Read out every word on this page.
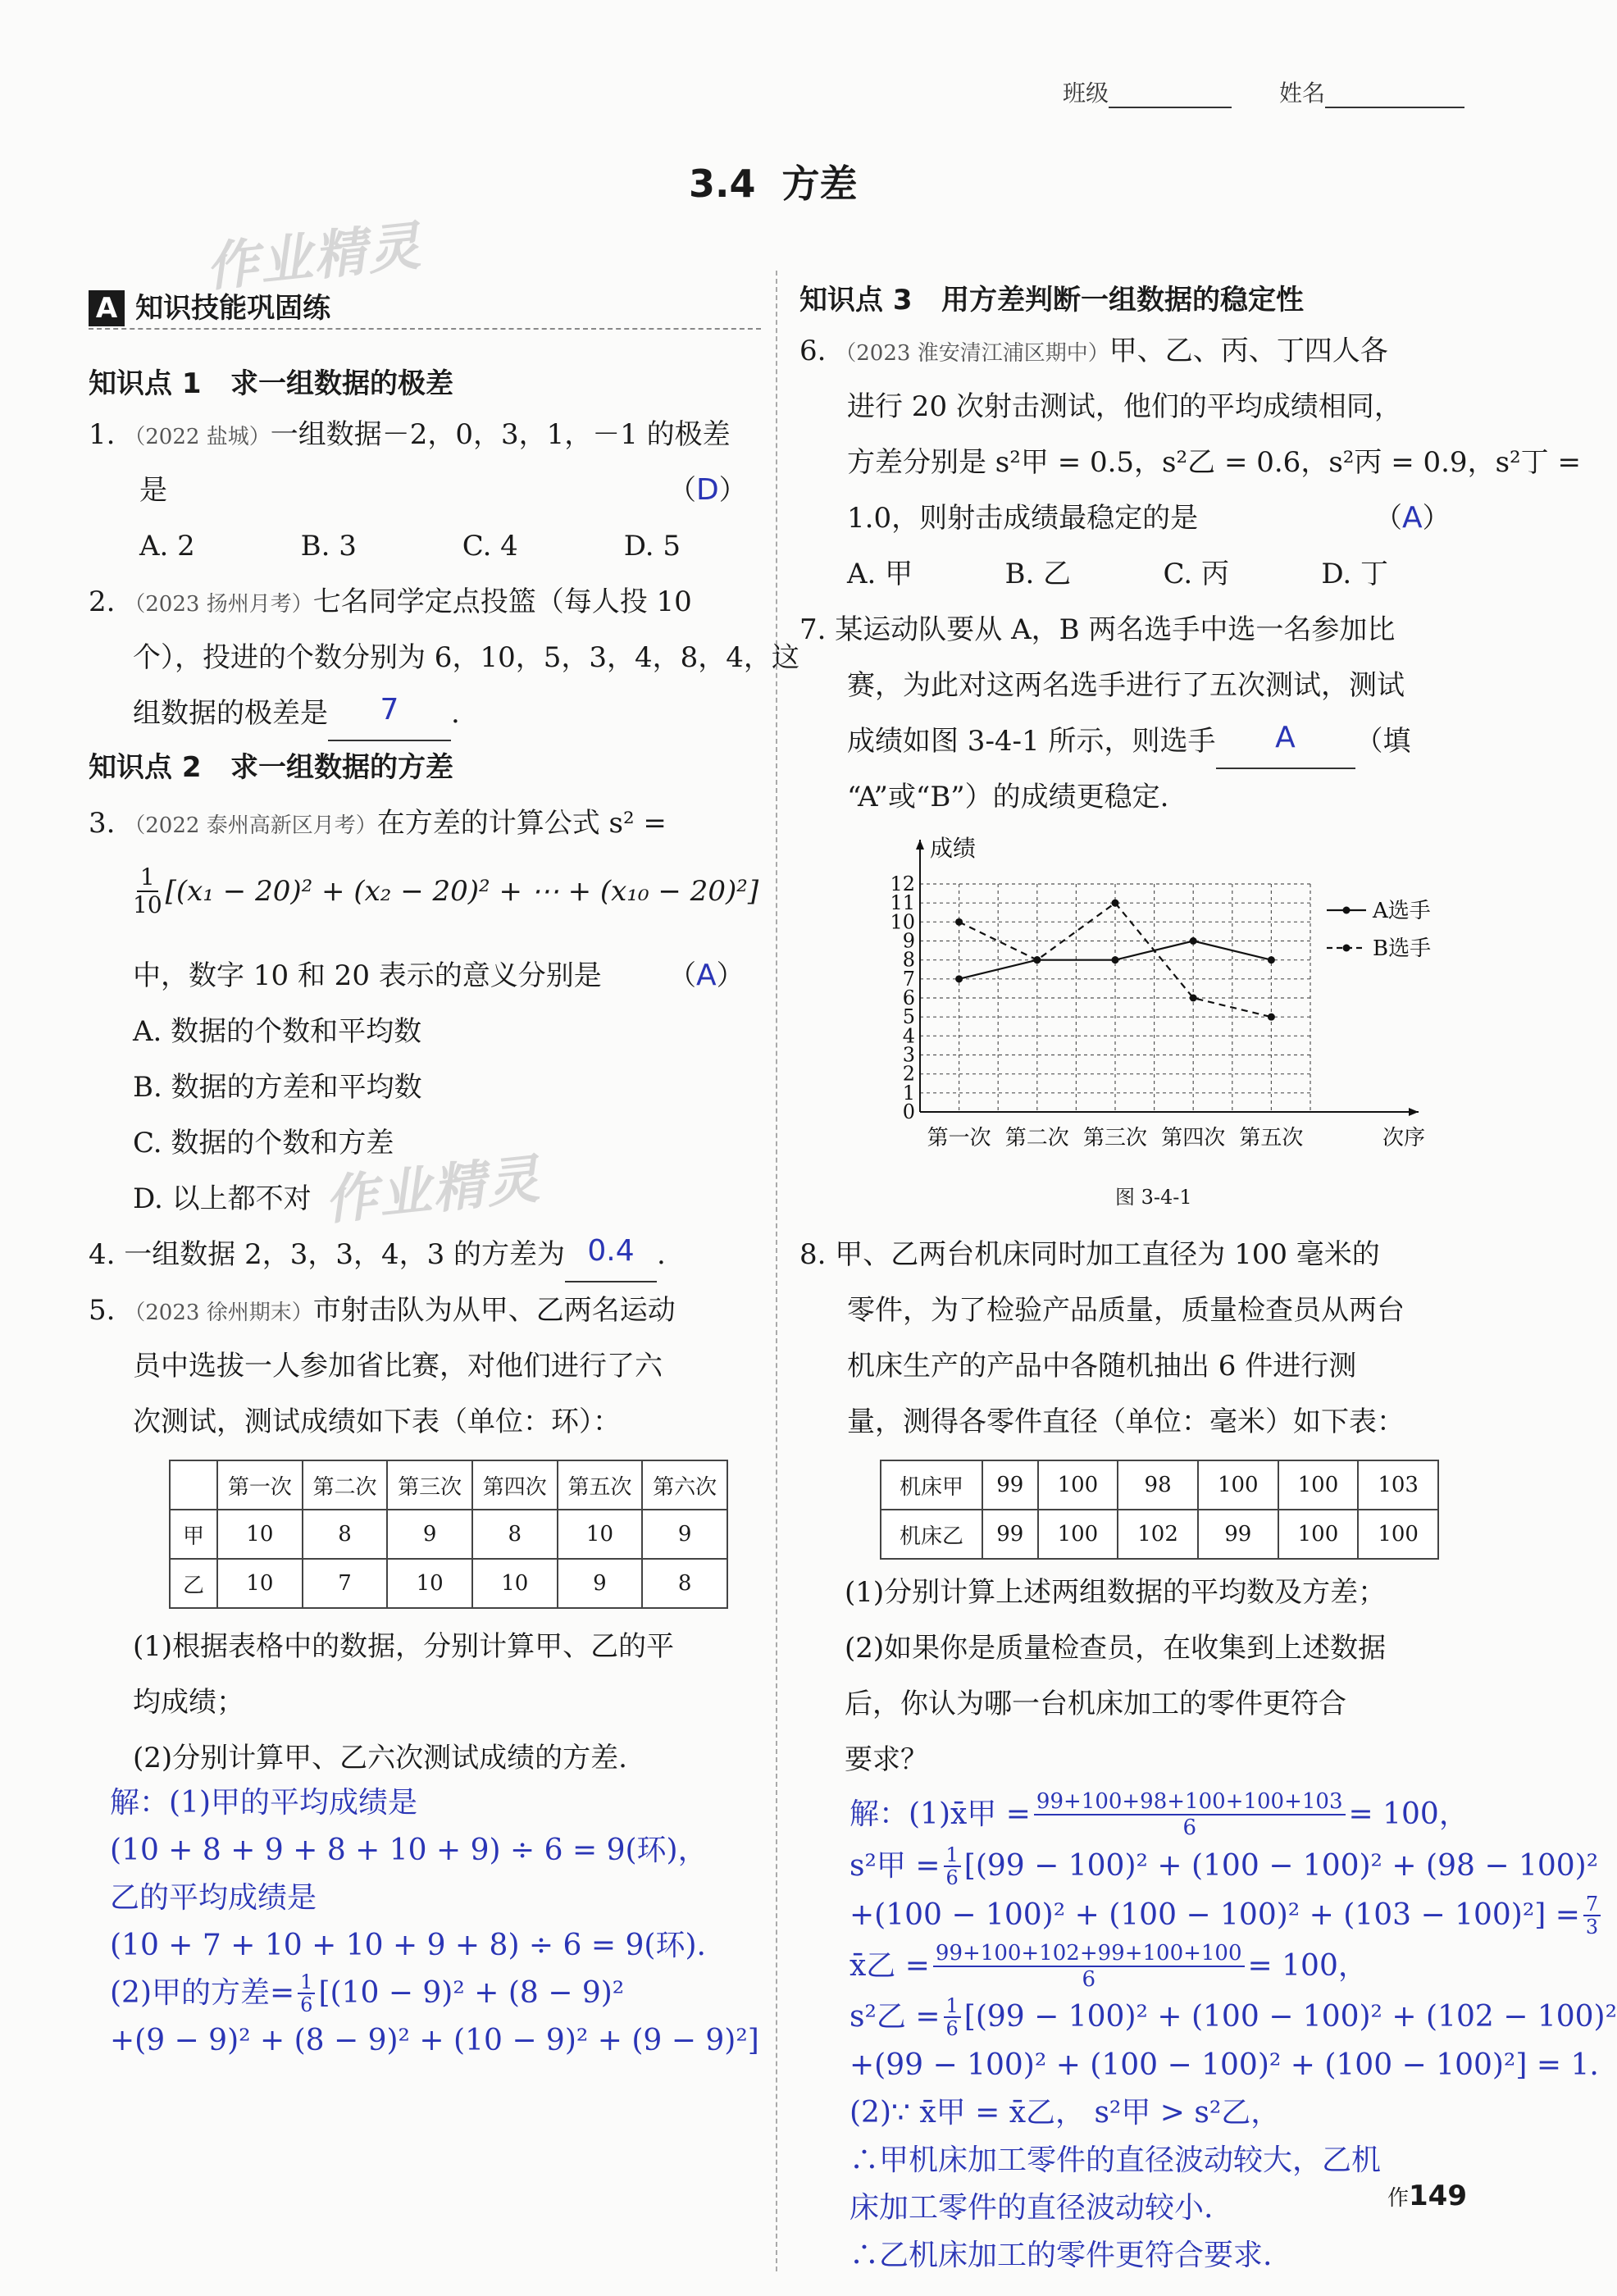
班级	姓名
3.4  方差
作业精灵
作业精灵
A 知识技能巩固练
知识点 1   求一组数据的极差
1. （2022 盐城）一组数据－2，0，3，1，－1 的极差
是	（D）
A. 2	B. 3	C. 4	D. 5
2. （2023 扬州月考）七名同学定点投篮（每人投 10
个），投进的个数分别为 6，10，5，3，4，8，4，这
组数据的极差是 7 .
知识点 2   求一组数据的方差
3. （2022 泰州高新区月考）在方差的计算公式 s² =
$\frac{1}{10} [(x_1 - 20)^2 + (x_2 - 20)^2$ + ⋯ + (x₁₀ − 20)²]
中，数字 10 和 20 表示的意义分别是 （A）
A. 数据的个数和平均数
B. 数据的方差和平均数
C. 数据的个数和方差
D. 以上都不对
4. 一组数据 2，3，3，4，3 的方差为 0.4 .
5. （2023 徐州期末）市射击队为从甲、乙两名运动
员中选拔一人参加省比赛，对他们进行了六
次测试，测试成绩如下表（单位：环）：
	第一次	第二次	第三次	第四次	第五次	第六次
甲	10	8	9	8	10	9
乙	10	7	10	10	9	8
(1)根据表格中的数据，分别计算甲、乙的平
均成绩；
(2)分别计算甲、乙六次测试成绩的方差.
解：(1)甲的平均成绩是
(10 + 8 + 9 + 8 + 10 + 9) ÷ 6 = 9(环)，
乙的平均成绩是
(10 + 7 + 10 + 10 + 9 + 8) ÷ 6 = 9(环).
(2)甲的方差= $\frac{1}{6} [(10 - 9)^2 + (8 - 9)^2$
+(9 − 9)² + (8 − 9)² + (10 − 9)² + (9 − 9)²]
知识点 3   用方差判断一组数据的稳定性
6. （2023 淮安清江浦区期中）甲、乙、丙、丁四人各
进行 20 次射击测试，他们的平均成绩相同，
方差分别是 s²甲 = 0.5，s²乙 = 0.6，s²丙 = 0.9，s²丁 =
1.0，则射击成绩最稳定的是	（A）
A. 甲	B. 乙	C. 丙	D. 丁
7. 某运动队要从 A，B 两名选手中选一名参加比
赛，为此对这两名选手进行了五次测试，测试
成绩如图 3-4-1 所示，则选手 A （填
“A”或“B”）的成绩更稳定.
0
1
2
3
4
5
6
7
8
9
10
11
12
成绩
次序
第一次 第二次 第三次 第四次 第五次
A选手
B选手
图 3-4-1
8. 甲、乙两台机床同时加工直径为 100 毫米的
零件，为了检验产品质量，质量检查员从两台
机床生产的产品中各随机抽出 6 件进行测
量，测得各零件直径（单位：毫米）如下表：
机床甲	99	100	98	100	100	103
机床乙	99	100	102	99	100	100
(1)分别计算上述两组数据的平均数及方差；
(2)如果你是质量检查员，在收集到上述数据
后，你认为哪一台机床加工的零件更符合
要求？
解：(1)x̄甲 = $\frac{99+100+98+100+100+103}{6} = 100$，
s²甲 = $\frac{1}{6} [(99 - 100)^2 + (100 - 100)^2 + (98 - 100)^2$
$+(100 - 100)^2 + (100 - 100)^2 + (103 - 100)^2] = \frac{7}{3}$
x̄乙 = $\frac{99+100+102+99+100+100}{6} = 100$，
s²乙 = $\frac{1}{6} [(99 - 100)^2 + (100 - 100)^2 + (102 - 100)^2$
+(99 − 100)² + (100 − 100)² + (100 − 100)²] = 1.
(2)∵ x̄甲 = x̄乙， s²甲 > s²乙，
∴甲机床加工零件的直径波动较大，乙机
床加工零件的直径波动较小.
∴乙机床加工的零件更符合要求.
作149
